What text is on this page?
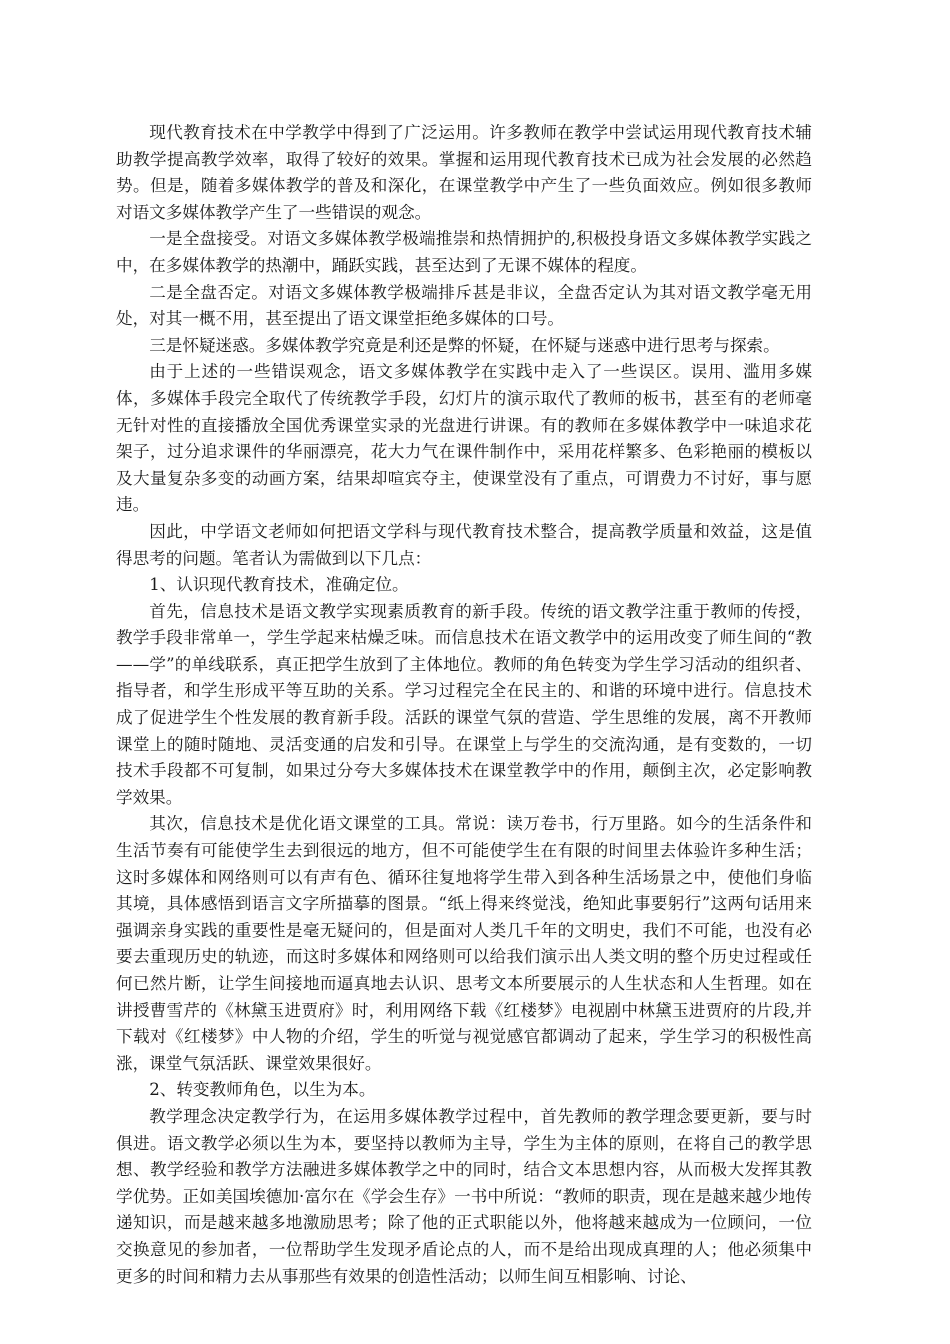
现代教育技术在中学教学中得到了广泛运用。许多教师在教学中尝试运用现代教育技术辅助教学提高教学效率，取得了较好的效果。掌握和运用现代教育技术已成为社会发展的必然趋势。但是，随着多媒体教学的普及和深化，在课堂教学中产生了一些负面效应。例如很多教师对语文多媒体教学产生了一些错误的观念。

一是全盘接受。对语文多媒体教学极端推崇和热情拥护的,积极投身语文多媒体教学实践之中，在多媒体教学的热潮中，踊跃实践，甚至达到了无课不媒体的程度。

二是全盘否定。对语文多媒体教学极端排斥甚是非议，全盘否定认为其对语文教学毫无用处，对其一概不用，甚至提出了语文课堂拒绝多媒体的口号。

三是怀疑迷惑。多媒体教学究竟是利还是弊的怀疑，在怀疑与迷惑中进行思考与探索。

由于上述的一些错误观念，语文多媒体教学在实践中走入了一些误区。误用、滥用多媒体，多媒体手段完全取代了传统教学手段，幻灯片的演示取代了教师的板书，甚至有的老师毫无针对性的直接播放全国优秀课堂实录的光盘进行讲课。有的教师在多媒体教学中一味追求花架子，过分追求课件的华丽漂亮，花大力气在课件制作中，采用花样繁多、色彩艳丽的模板以及大量复杂多变的动画方案，结果却喧宾夺主，使课堂没有了重点，可谓费力不讨好，事与愿违。

因此，中学语文老师如何把语文学科与现代教育技术整合，提高教学质量和效益，这是值得思考的问题。笔者认为需做到以下几点：

1、认识现代教育技术，准确定位。

首先，信息技术是语文教学实现素质教育的新手段。传统的语文教学注重于教师的传授，教学手段非常单一，学生学起来枯燥乏味。而信息技术在语文教学中的运用改变了师生间的“教——学”的单线联系，真正把学生放到了主体地位。教师的角色转变为学生学习活动的组织者、指导者，和学生形成平等互助的关系。学习过程完全在民主的、和谐的环境中进行。信息技术成了促进学生个性发展的教育新手段。活跃的课堂气氛的营造、学生思维的发展，离不开教师课堂上的随时随地、灵活变通的启发和引导。在课堂上与学生的交流沟通，是有变数的，一切技术手段都不可复制，如果过分夸大多媒体技术在课堂教学中的作用，颠倒主次，必定影响教学效果。

其次，信息技术是优化语文课堂的工具。常说：读万卷书，行万里路。如今的生活条件和生活节奏有可能使学生去到很远的地方，但不可能使学生在有限的时间里去体验许多种生活；这时多媒体和网络则可以有声有色、循环往复地将学生带入到各种生活场景之中，使他们身临其境，具体感悟到语言文字所描摹的图景。“纸上得来终觉浅，绝知此事要躬行”这两句话用来强调亲身实践的重要性是毫无疑问的，但是面对人类几千年的文明史，我们不可能，也没有必要去重现历史的轨迹，而这时多媒体和网络则可以给我们演示出人类文明的整个历史过程或任何已然片断，让学生间接地而逼真地去认识、思考文本所要展示的人生状态和人生哲理。如在讲授曹雪芹的《林黛玉进贾府》时，利用网络下载《红楼梦》电视剧中林黛玉进贾府的片段,并下载对《红楼梦》中人物的介绍，学生的听觉与视觉感官都调动了起来，学生学习的积极性高涨，课堂气氛活跃、课堂效果很好。

2、转变教师角色，以生为本。

教学理念决定教学行为，在运用多媒体教学过程中，首先教师的教学理念要更新，要与时俱进。语文教学必须以生为本，要坚持以教师为主导，学生为主体的原则，在将自己的教学思想、教学经验和教学方法融进多媒体教学之中的同时，结合文本思想内容，从而极大发挥其教学优势。正如美国埃德加·富尔在《学会生存》一书中所说：“教师的职责，现在是越来越少地传递知识，而是越来越多地激励思考；除了他的正式职能以外，他将越来越成为一位顾问，一位交换意见的参加者，一位帮助学生发现矛盾论点的人，而不是给出现成真理的人；他必须集中更多的时间和精力去从事那些有效果的创造性活动；以师生间互相影响、讨论、
